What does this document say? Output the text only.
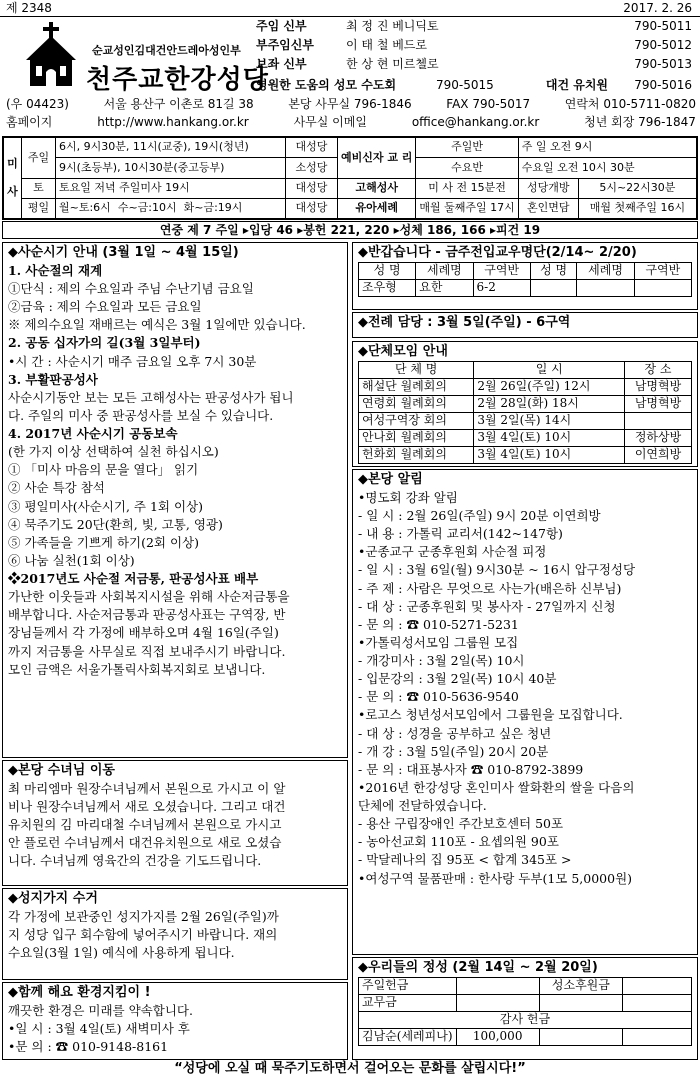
제 2348	2017. 2. 26
순교성인김대건안드레아성인부
천주교한강성당
주임 신부	최 정 진 베니딕토	790-5011
부주임신부	이 태 철 베드로	790-5012
보좌 신부	한 상 현 미르첼로	790-5013
영원한 도움의 성모 수도회	790-5015	대건 유치원	790-5016
(우 04423)	서울 용산구 이촌로 81길 38	본당 사무실 796-1846	FAX 790-5017	연락처 010-5711-0820
홈페이지	http://www.hankang.or.kr	사무실 이메일	office@hankang.or.kr	청년 회장 796-1847
미

사	주일	6시, 9시30분, 11시(교중), 19시(청년)	대성당	예비신자 교 리	주일반	주 일 오전 9시	
		9시(초등부), 10시30분(중고등부)	소성당		수요반	수요일 오전 10시 30분	
	토	토요일 저녁 주일미사 19시	대성당	고해성사	미 사 전 15분전	성당개방	5시~22시30분
	평일	월~토:6시 수~금:10시 화~금:19시	대성당	유아세례	매월 둘째주일 17시	혼인면담	매월 첫째주일 16시
연중 제 7 주일 ▸입당 46 ▸봉헌 221, 220 ▸성체 186, 166 ▸피건 19
◆사순시기 안내 (3월 1일 ~ 4월 15일)
1. 사순절의 재계
①단식 : 제의 수요일과 주님 수난기념 금요일
②금육 : 제의 수요일과 모든 금요일
※ 제의수요일 재배르는 예식은 3월 1일에만 있습니다.
2. 공동 십자가의 길(3월 3일부터)
•시 간 : 사순시기 매주 금요일 오후 7시 30분
3. 부활판공성사
사순시기동안 보는 모든 고해성사는 판공성사가 됩니
다. 주일의 미사 중 판공성사를 보실 수 있습니다.
4. 2017년 사순시기 공동보속
(한 가지 이상 선택하여 실천 하십시오)
① 「미사 마음의 문을 열다」 읽기
② 사순 특강 참석
③ 평일미사(사순시기, 주 1회 이상)
④ 묵주기도 20단(환희, 빛, 고통, 영광)
⑤ 가족들을 기쁘게 하기(2회 이상)
⑥ 나눔 실천(1회 이상)
❖2017년도 사순절 저금통, 판공성사표 배부
가난한 이웃들과 사회복지시설을 위해 사순저금통을
배부합니다. 사순저금통과 판공성사표는 구역장, 반
장님들께서 각 가정에 배부하오며 4월 16일(주일)
까지 저금통을 사무실로 직접 보내주시기 바랍니다.
모인 금액은 서울가톨릭사회복지회로 보냅니다.
◆본당 수녀님 이동
최 마리엠마 원장수녀님께서 본원으로 가시고 이 알
비나 원장수녀님께서 새로 오셨습니다. 그리고 대건
유치원의 김 마리대철 수녀님께서 본원으로 가시고
안 플로런 수녀님께서 대건유치원으로 새로 오셨습
니다. 수녀님께 영육간의 건강을 기도드립니다.
◆성지가지 수거
각 가정에 보관중인 성지가지를 2월 26일(주일)까
지 성당 입구 회수함에 넣어주시기 바랍니다. 재의
수요일(3월 1일) 예식에 사용하게 됩니다.
◆함께 해요 환경지킴이 !
깨끗한 환경은 미래를 약속합니다.
•일 시 : 3월 4일(토) 새벽미사 후
•문 의 : ☎ 010-9148-8161
◆반갑습니다 - 금주전입교우명단(2/14~ 2/20)
성 명	세례명	구역반	성 명	세례명	구역반
조우형	요한	6-2			
◆전례 담당 : 3월 5일(주일) - 6구역
◆단체모임 안내
단 체 명	일 시	장 소
해설단 월례회의	2월 26일(주일) 12시	남명혁방
연령회 월례회의	2월 28일(화) 18시	남명혁방
여성구역장 회의	3월 2일(목) 14시	
안나회 월례회의	3월 4일(토) 10시	정하상방
헌화회 월례회의	3월 4일(토) 10시	이연희방
◆본당 알림
•명도회 강좌 알림
- 일 시 : 2월 26일(주일) 9시 20분 이연희방
- 내 용 : 가톨릭 교리서(142~147항)
•군종교구 군종후원회 사순절 피정
- 일 시 : 3월 6일(월) 9시30분 ~ 16시 압구정성당
- 주 제 : 사람은 무엇으로 사는가(배은하 신부님)
- 대 상 : 군종후원회 및 봉사자 - 27일까지 신청
- 문 의 : ☎ 010-5271-5231
•가톨릭성서모임 그룹원 모집
- 개강미사 : 3월 2일(목) 10시
- 입문강의 : 3월 2일(목) 10시 40분
- 문 의 : ☎ 010-5636-9540
•로고스 청년성서모임에서 그룹원을 모집합니다.
- 대 상 : 성경을 공부하고 싶은 청년
- 개 강 : 3월 5일(주일) 20시 20분
- 문 의 : 대표봉사자 ☎ 010-8792-3899
•2016년 한강성당 혼인미사 쌀화환의 쌀을 다음의
단체에 전달하였습니다.
- 용산 구립장애인 주간보호센터 50포
- 농아선교회 110포 - 요셉의원 90포
- 막달레나의 집 95포 < 합계 345포 >
•여성구역 물품판매 : 한사랑 두부(1모 5,0000원)
◆우리들의 정성 (2월 14일 ~ 2월 20일)
주일헌금		성소후원금	
교무금			
감사 헌금			
김남순(세레피나)	100,000		
“성당에 오실 때 묵주기도하면서 걸어오는 문화를 살립시다!”
